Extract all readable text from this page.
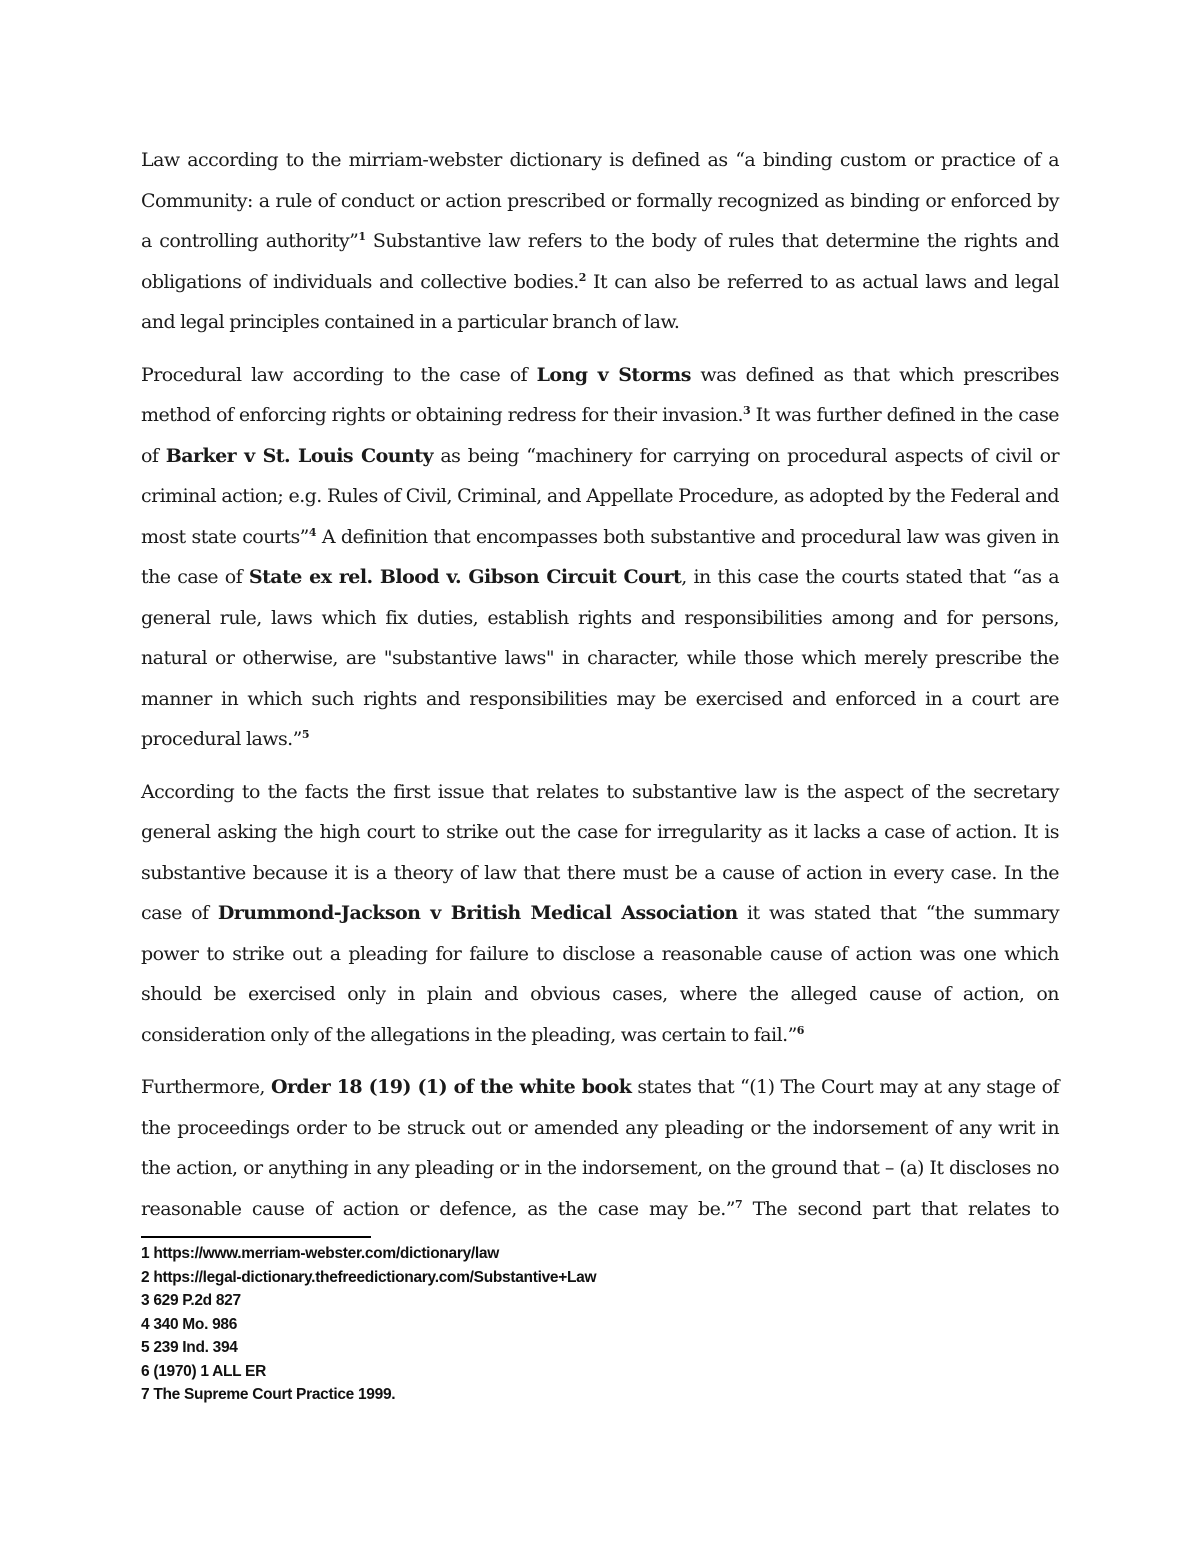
Law according to the mirriam-webster dictionary is defined as “a binding custom or practice of a Community: a rule of conduct or action prescribed or formally recognized as binding or enforced by a controlling authority”$^1$ Substantive law refers to the body of rules that determine the rights and obligations of individuals and collective bodies.$^2$ It can also be referred to as actual laws and legal and legal principles contained in a particular branch of law.

Procedural law according to the case of Long v Storms was defined as that which prescribes method of enforcing rights or obtaining redress for their invasion.$^3$ It was further defined in the case of Barker v St. Louis County as being “machinery for carrying on procedural aspects of civil or criminal action; e.g. Rules of Civil, Criminal, and Appellate Procedure, as adopted by the Federal and most state courts”$^4$ A definition that encompasses both substantive and procedural law was given in the case of State ex rel. Blood v. Gibson Circuit Court, in this case the courts stated that “as a general rule, laws which fix duties, establish rights and responsibilities among and for persons, natural or otherwise, are "substantive laws" in character, while those which merely prescribe the manner in which such rights and responsibilities may be exercised and enforced in a court are procedural laws.”$^5$

According to the facts the first issue that relates to substantive law is the aspect of the secretary general asking the high court to strike out the case for irregularity as it lacks a case of action. It is substantive because it is a theory of law that there must be a cause of action in every case. In the case of Drummond-Jackson v British Medical Association it was stated that “the summary power to strike out a pleading for failure to disclose a reasonable cause of action was one which should be exercised only in plain and obvious cases, where the alleged cause of action, on consideration only of the allegations in the pleading, was certain to fail.”$^6$

Furthermore, Order 18 (19) (1) of the white book states that “(1) The Court may at any stage of the proceedings order to be struck out or amended any pleading or the indorsement of any writ in the action, or anything in any pleading or in the indorsement, on the ground that – (a) It discloses no reasonable cause of action or defence, as the case may be.”$^7$ The second part that relates to

1 https://www.merriam-webster.com/dictionary/law

2 https://legal-dictionary.thefreedictionary.com/Substantive+Law

3 629 P.2d 827

4 340 Mo. 986

5 239 Ind. 394

6 (1970) 1 ALL ER

7 The Supreme Court Practice 1999.
